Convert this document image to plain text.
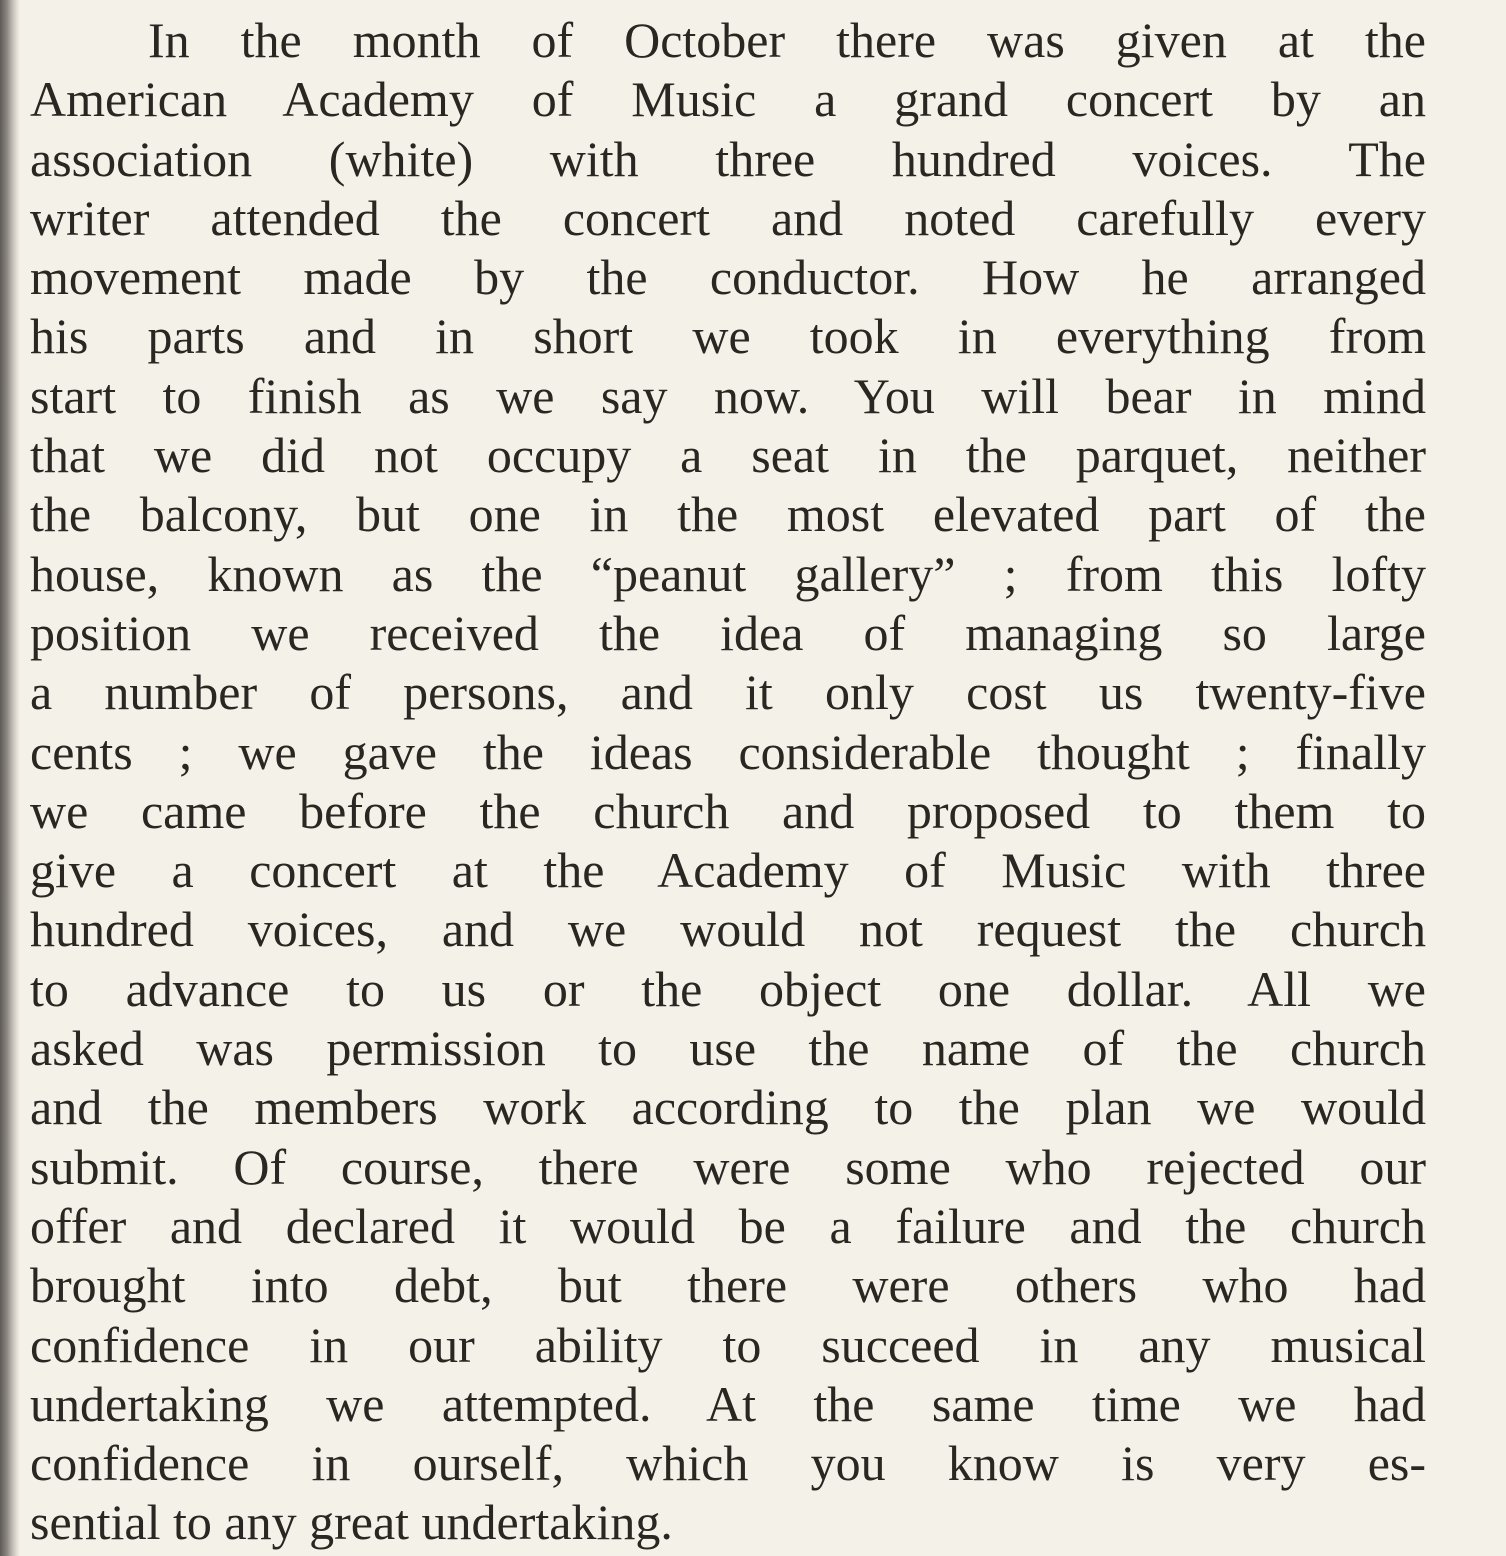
In the month of October there was given at the
American Academy of Music a grand concert by an
association (white) with three hundred voices. The
writer attended the concert and noted carefully every
movement made by the conductor. How he arranged
his parts and in short we took in everything from
start to finish as we say now. You will bear in mind
that we did not occupy a seat in the parquet, neither
the balcony, but one in the most elevated part of the
house, known as the “peanut gallery” ; from this lofty
position we received the idea of managing so large
a number of persons, and it only cost us twenty-five
cents ; we gave the ideas considerable thought ; finally
we came before the church and proposed to them to
give a concert at the Academy of Music with three
hundred voices, and we would not request the church
to advance to us or the object one dollar. All we
asked was permission to use the name of the church
and the members work according to the plan we would
submit. Of course, there were some who rejected our
offer and declared it would be a failure and the church
brought into debt, but there were others who had
confidence in our ability to succeed in any musical
undertaking we attempted. At the same time we had
confidence in ourself, which you know is very es-
sential to any great undertaking.
